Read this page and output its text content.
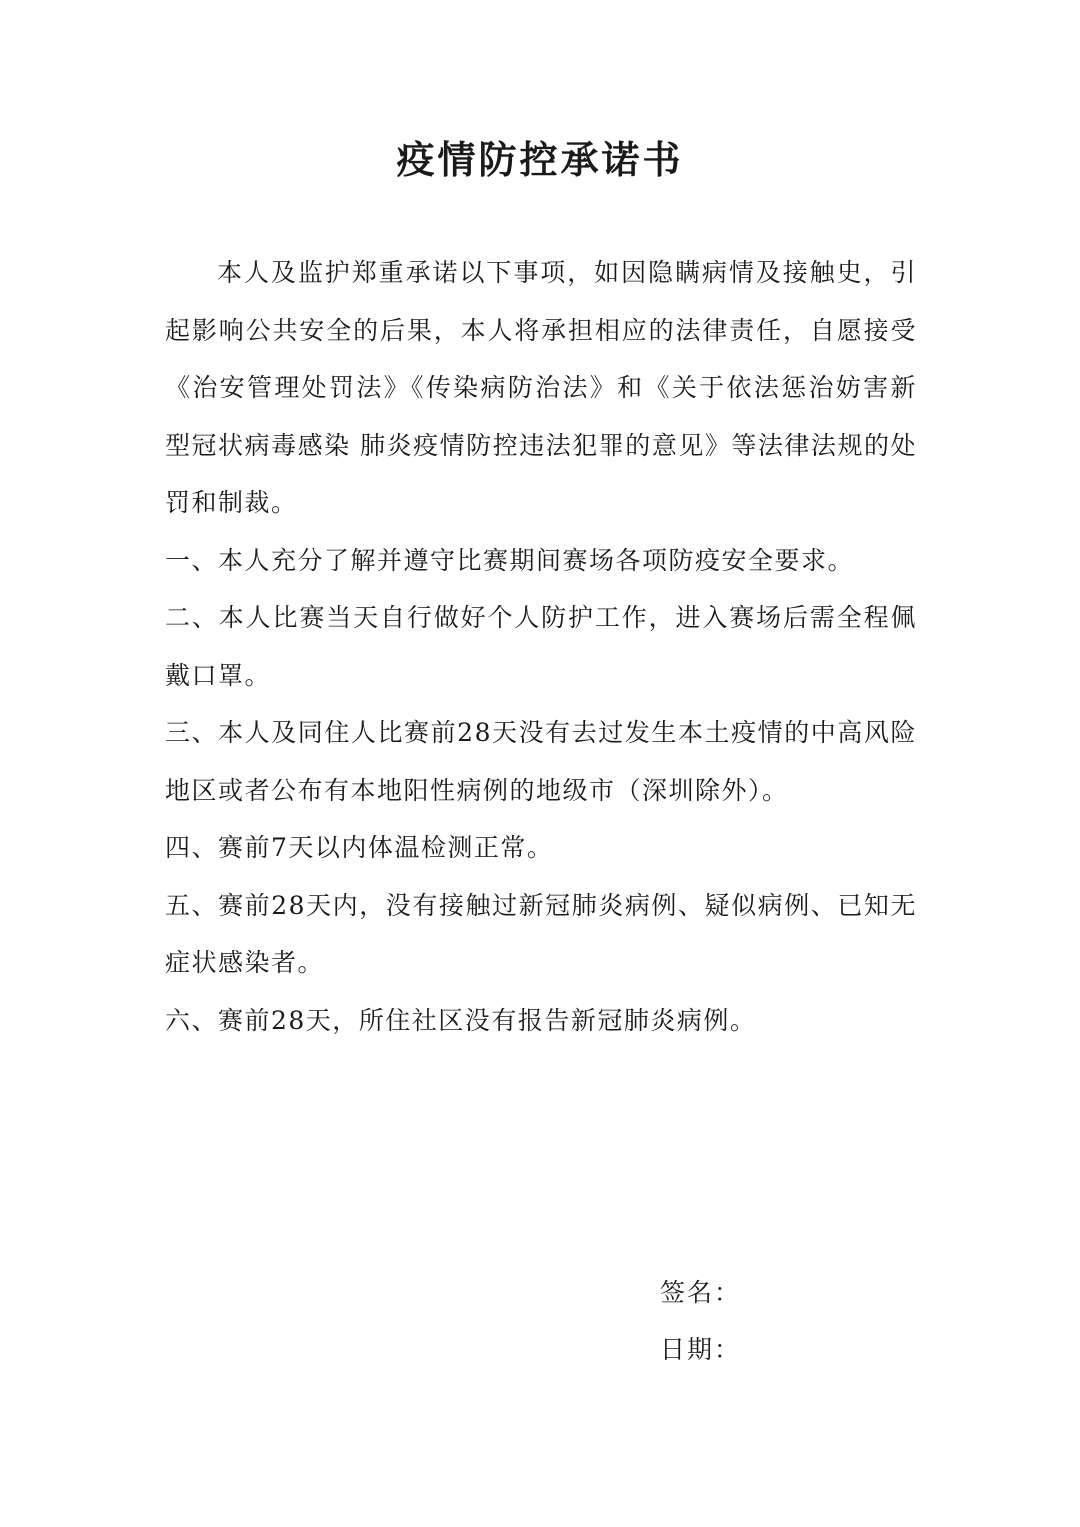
疫情防控承诺书

本人及监护郑重承诺以下事项，如因隐瞒病情及接触史，引起影响公共安全的后果，本人将承担相应的法律责任，自愿接受《治安管理处罚法》《传染病防治法》和《关于依法惩治妨害新型冠状病毒感染 肺炎疫情防控违法犯罪的意见》等法律法规的处罚和制裁。

一、本人充分了解并遵守比赛期间赛场各项防疫安全要求。

二、本人比赛当天自行做好个人防护工作，进入赛场后需全程佩戴口罩。

三、本人及同住人比赛前28天没有去过发生本土疫情的中高风险地区或者公布有本地阳性病例的地级市（深圳除外）。

四、赛前7天以内体温检测正常。

五、赛前28天内，没有接触过新冠肺炎病例、疑似病例、已知无症状感染者。

六、赛前28天，所住社区没有报告新冠肺炎病例。

签名：
日期：
